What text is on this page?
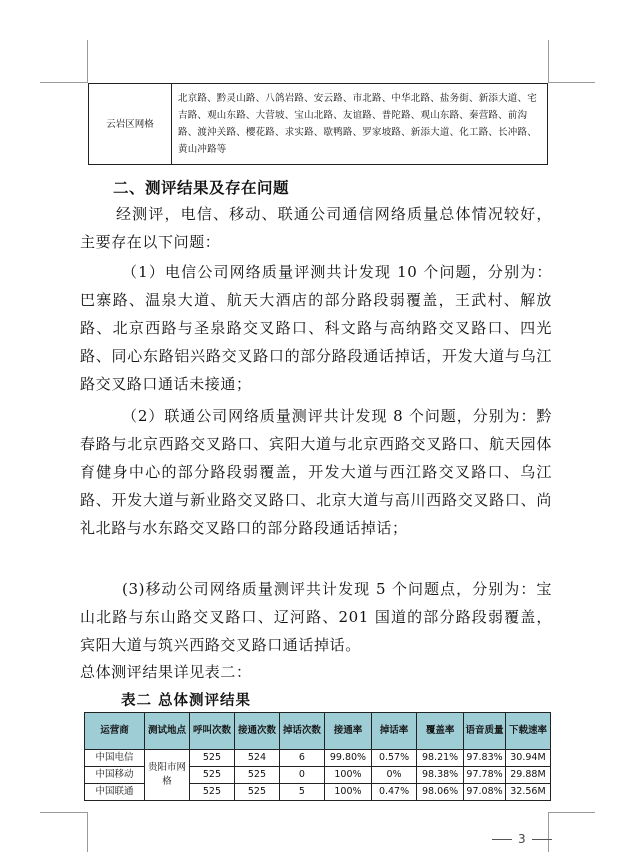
云岩区网格	北京路、黔灵山路、八鸽岩路、安云路、市北路、中华北路、盐务街、新添大道、宅吉路、观山东路、大营坡、宝山北路、友谊路、普陀路、观山东路、秦营路、前沟路、渡沖关路、樱花路、求实路、歇鸭路、罗家坡路、新添大道、化工路、长冲路、黄山冲路等
二、测评结果及存在问题
经测评，电信、移动、联通公司通信网络质量总体情况较好，主要存在以下问题：
（1）电信公司网络质量评测共计发现 10 个问题，分别为：巴寨路、温泉大道、航天大酒店的部分路段弱覆盖，王武村、解放路、北京西路与圣泉路交叉路口、科文路与高纳路交叉路口、四光路、同心东路铝兴路交叉路口的部分路段通话掉话，开发大道与乌江路交叉路口通话未接通；
（2）联通公司网络质量测评共计发现 8 个问题，分别为：黔春路与北京西路交叉路口、宾阳大道与北京西路交叉路口、航天园体育健身中心的部分路段弱覆盖，开发大道与西江路交叉路口、乌江路、开发大道与新业路交叉路口、北京大道与高川西路交叉路口、尚礼北路与水东路交叉路口的部分路段通话掉话；
(3)移动公司网络质量测评共计发现 5 个问题点，分别为：宝山北路与东山路交叉路口、辽河路、201 国道的部分路段弱覆盖，宾阳大道与筑兴西路交叉路口通话掉话。
总体测评结果详见表二：
表二 总体测评结果
运营商	测试地点	呼叫次数	接通次数	掉话次数	接通率	掉话率	覆盖率	语音质量	下载速率
中国电信	贵阳市网格	525	524	6	99.80%	0.57%	98.21%	97.83%	30.94M
中国移动		525	525	0	100%	0%	98.38%	97.78%	29.88M
中国联通		525	525	5	100%	0.47%	98.06%	97.08%	32.56M
3
